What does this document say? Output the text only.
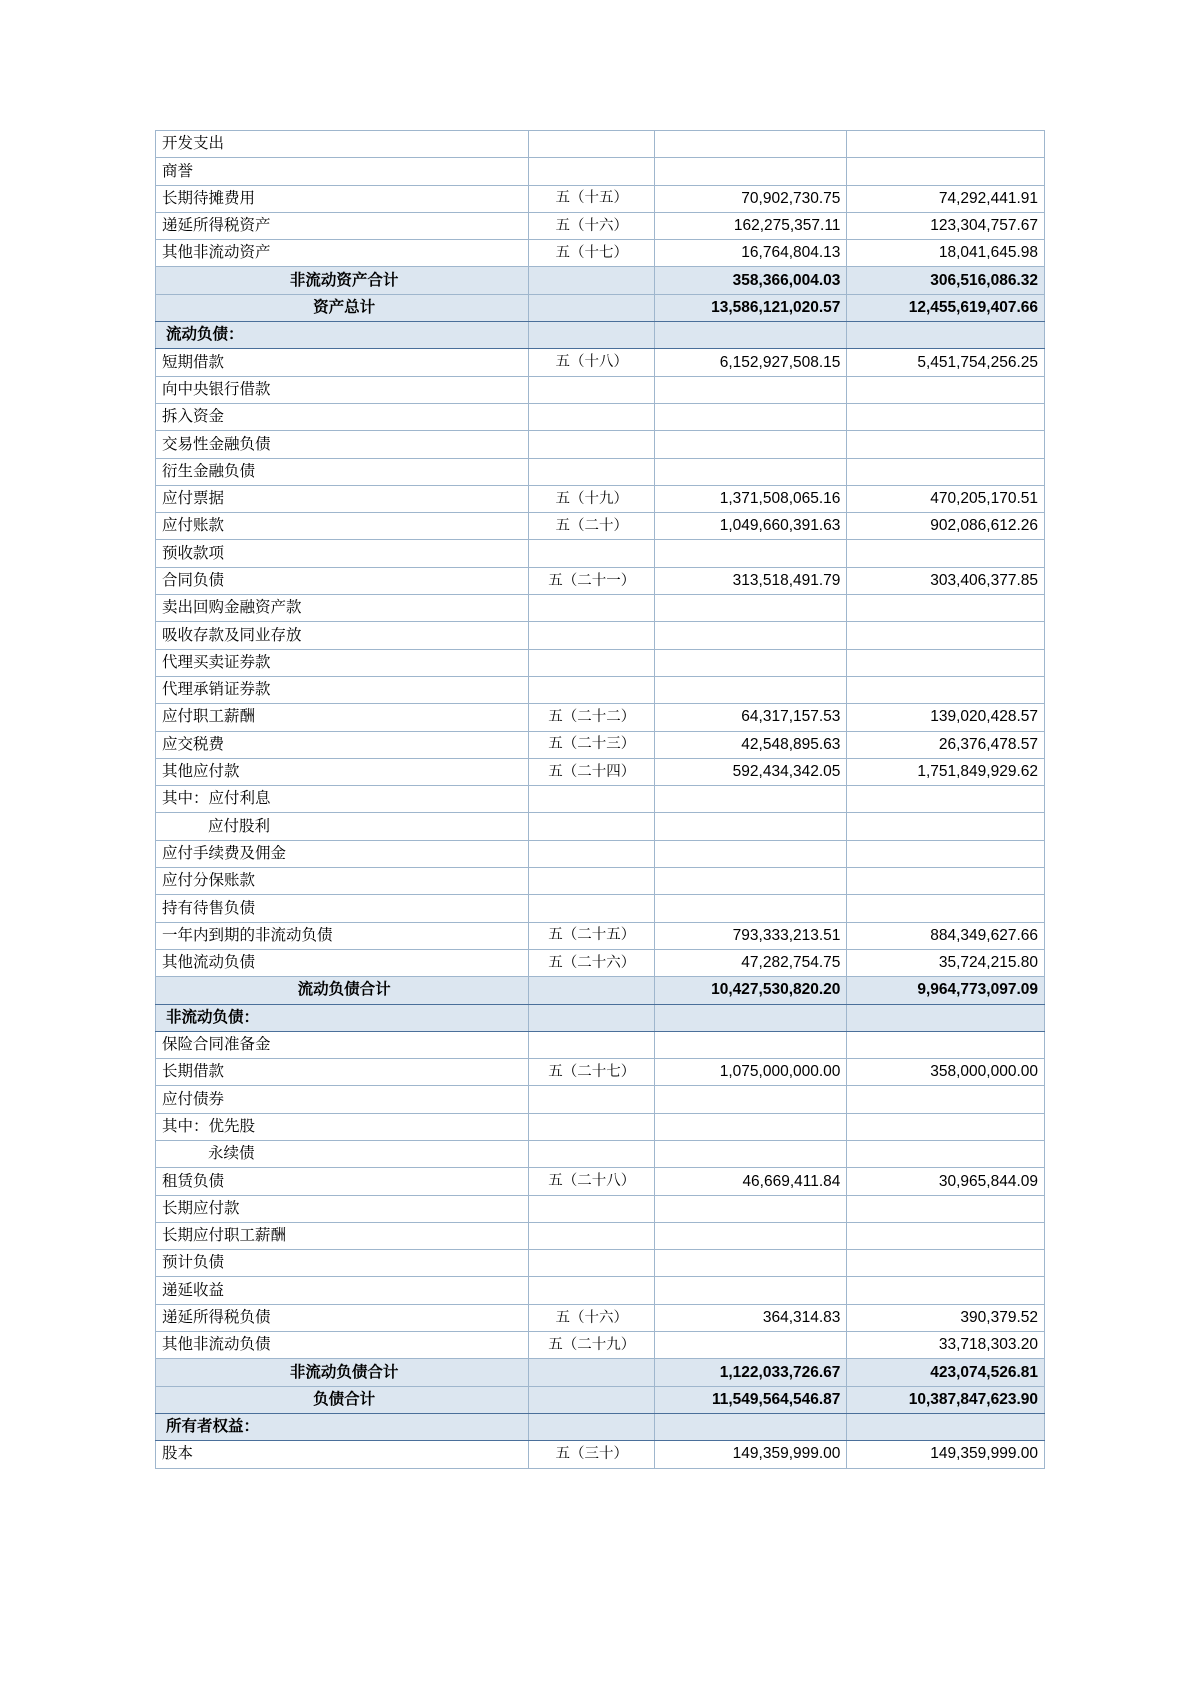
开发支出			
商誉			
长期待摊费用	五（十五）	70,902,730.75	74,292,441.91
递延所得税资产	五（十六）	162,275,357.11	123,304,757.67
其他非流动资产	五（十七）	16,764,804.13	18,041,645.98
非流动资产合计		358,366,004.03	306,516,086.32
资产总计		13,586,121,020.57	12,455,619,407.66
流动负债：			
短期借款	五（十八）	6,152,927,508.15	5,451,754,256.25
向中央银行借款			
拆入资金			
交易性金融负债			
衍生金融负债			
应付票据	五（十九）	1,371,508,065.16	470,205,170.51
应付账款	五（二十）	1,049,660,391.63	902,086,612.26
预收款项			
合同负债	五（二十一）	313,518,491.79	303,406,377.85
卖出回购金融资产款			
吸收存款及同业存放			
代理买卖证券款			
代理承销证券款			
应付职工薪酬	五（二十二）	64,317,157.53	139,020,428.57
应交税费	五（二十三）	42,548,895.63	26,376,478.57
其他应付款	五（二十四）	592,434,342.05	1,751,849,929.62
其中：应付利息			
应付股利			
应付手续费及佣金			
应付分保账款			
持有待售负债			
一年内到期的非流动负债	五（二十五）	793,333,213.51	884,349,627.66
其他流动负债	五（二十六）	47,282,754.75	35,724,215.80
流动负债合计		10,427,530,820.20	9,964,773,097.09
非流动负债：			
保险合同准备金			
长期借款	五（二十七）	1,075,000,000.00	358,000,000.00
应付债券			
其中：优先股			
永续债			
租赁负债	五（二十八）	46,669,411.84	30,965,844.09
长期应付款			
长期应付职工薪酬			
预计负债			
递延收益			
递延所得税负债	五（十六）	364,314.83	390,379.52
其他非流动负债	五（二十九）		33,718,303.20
非流动负债合计		1,122,033,726.67	423,074,526.81
负债合计		11,549,564,546.87	10,387,847,623.90
所有者权益：			
股本	五（三十）	149,359,999.00	149,359,999.00
